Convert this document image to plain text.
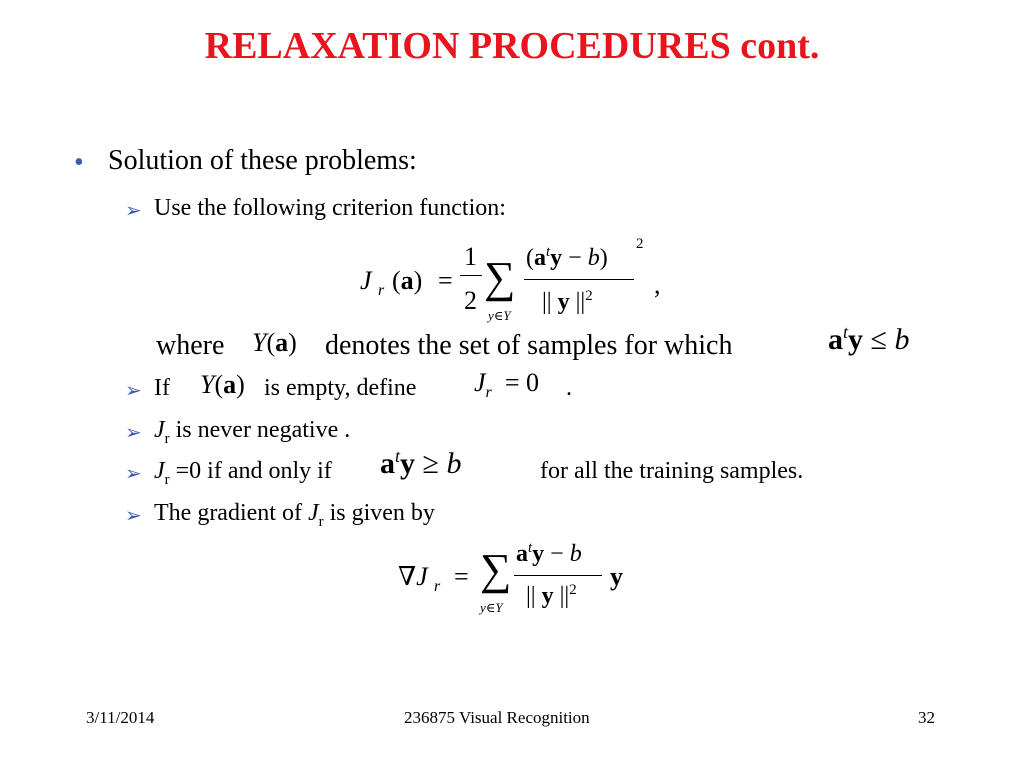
RELAXATION PROCEDURES cont.
• Solution of these problems:
➢ Use the following criterion function:
J r (a) =
1
2 ∑
y∈Y
$(a^ty - b)$
|| y $||^2$
2
,
where Y(a) denotes the set of samples for which	$a^ty \le b$
➢ If Y(a) is empty, define $J_r = 0$ .
➢ $J_r$ is never negative .
➢ $J_r =0$ if and only if $a^ty \ge b$	for all the training samples.
➢ The gradient of $J_r$ is given by
∇J r = ∑
y∈Y
$a^ty - b$
|| y $||^2$ y
3/11/2014	236875 Visual Recognition	32
